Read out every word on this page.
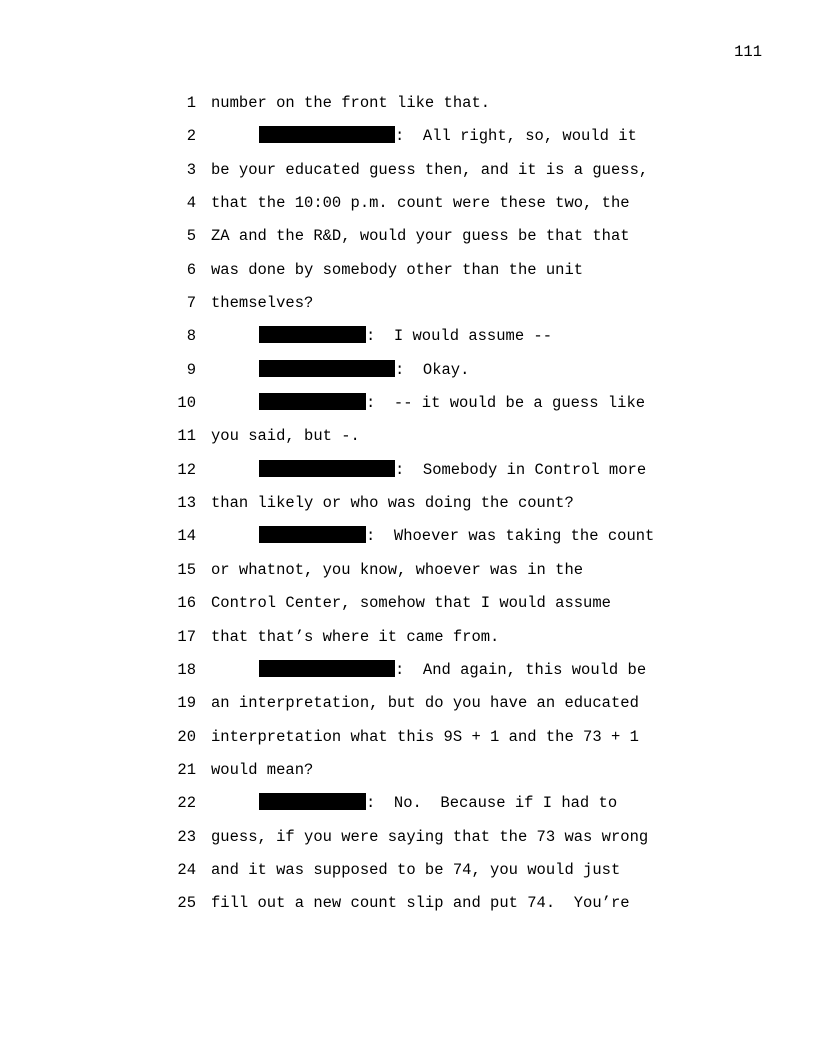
111
1 number on the front like that.
2	:  All right, so, would it
3 be your educated guess then, and it is a guess,
4 that the 10:00 p.m. count were these two, the
5 ZA and the R&D, would your guess be that that
6 was done by somebody other than the unit
7 themselves?
8	:  I would assume --
9	:  Okay.
10	:  -- it would be a guess like
11 you said, but -.
12	:  Somebody in Control more
13 than likely or who was doing the count?
14	:  Whoever was taking the count
15 or whatnot, you know, whoever was in the
16 Control Center, somehow that I would assume
17 that that’s where it came from.
18	:  And again, this would be
19 an interpretation, but do you have an educated
20 interpretation what this 9S + 1 and the 73 + 1
21 would mean?
22	:  No.  Because if I had to
23 guess, if you were saying that the 73 was wrong
24 and it was supposed to be 74, you would just
25 fill out a new count slip and put 74.  You’re
